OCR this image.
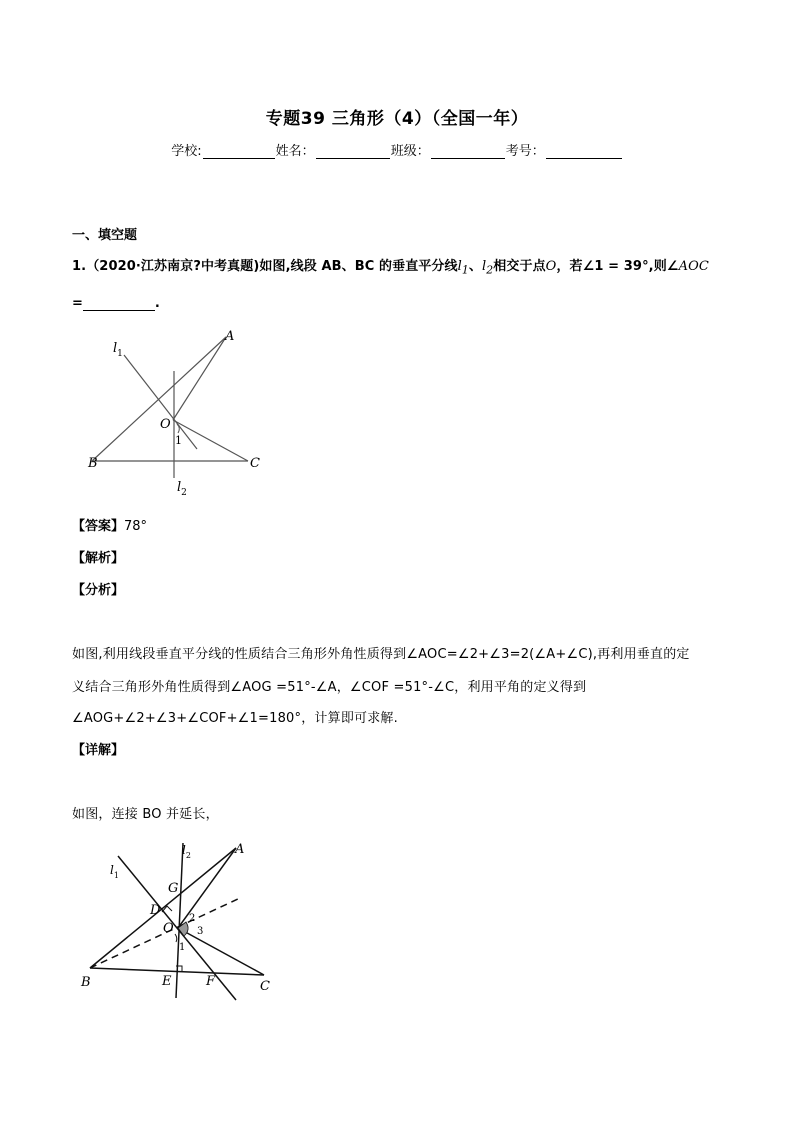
专题39 三角形（4）（全国一年）
学校:	姓名：	班级：	考号：
一、填空题
1.（2020·江苏南京?中考真题)如图,线段 AB、BC 的垂直平分线$l_1$、$l_2$相交于点O，若∠1 = 39°,则∠AOC
=	.
A
B	C
O
1
$l_1$
$l_2$
【答案】78°
【解析】
【分析】
如图,利用线段垂直平分线的性质结合三角形外角性质得到∠AOC=∠2+∠3=2(∠A+∠C),再利用垂直的定
义结合三角形外角性质得到∠AOG =51°-∠A，∠COF =51°-∠C，利用平角的定义得到
∠AOG+∠2+∠3+∠COF+∠1=180°，计算即可求解.
【详解】
如图，连接 BO 并延长，
A
B	C
O
D
E	F
G
1
2
3
$l_1$
$l_2$
